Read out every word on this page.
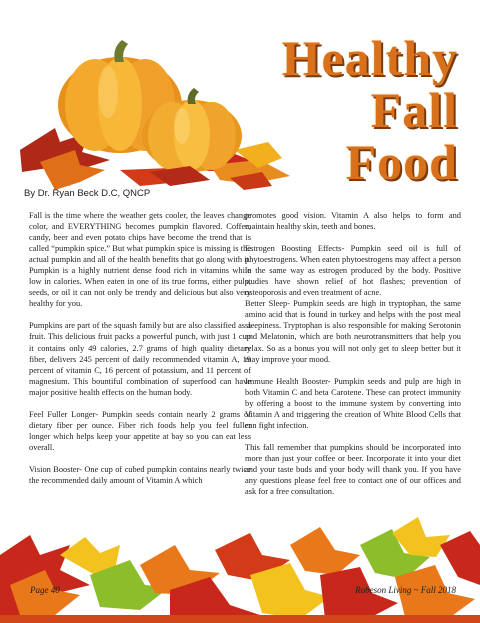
Healthy
Fall
Food
By Dr. Ryan Beck D.C, QNCP

Fall is the time where the weather gets cooler, the leaves change color, and EVERYTHING becomes pumpkin flavored. Coffee, candy, beer and even potato chips have become the trend that is called “pumpkin spice.” But what pumpkin spice is missing is the actual pumpkin and all of the health benefits that go along with it. Pumpkin is a highly nutrient dense food rich in vitamins while low in calories. When eaten in one of its true forms, either pulp, seeds, or oil it can not only be trendy and delicious but also very healthy for you.

Pumpkins are part of the squash family but are also classified as a fruit. This delicious fruit packs a powerful punch, with just 1 cup it contains only 49 calories, 2.7 grams of high quality dietary fiber, delivers 245 percent of daily recommended vitamin A, 19 percent of vitamin C, 16 percent of potassium, and 11 percent of magnesium. This bountiful combination of superfood can have major positive health effects on the human body.

Feel Fuller Longer- Pumpkin seeds contain nearly 2 grams of dietary fiber per ounce. Fiber rich foods help you feel fuller longer which helps keep your appetite at bay so you can eat less overall.

Vision Booster- One cup of cubed pumpkin contains nearly twice the recommended daily amount of Vitamin A which

promotes good vision. Vitamin A also helps to form and maintain healthy skin, teeth and bones.

Estrogen Boosting Effects- Pumpkin seed oil is full of phytoestrogens. When eaten phytoestrogens may affect a person in the same way as estrogen produced by the body. Positive studies have shown relief of hot flashes; prevention of osteoporosis and even treatment of acne.

Better Sleep- Pumpkin seeds are high in tryptophan, the same amino acid that is found in turkey and helps with the post meal sleepiness. Tryptophan is also responsible for making Serotonin and Melatonin, which are both neurotransmitters that help you relax. So as a bonus you will not only get to sleep better but it may improve your mood.

Immune Health Booster- Pumpkin seeds and pulp are high in both Vitamin C and beta Carotene. These can protect immunity by offering a boost to the immune system by converting into Vitamin A and triggering the creation of White Blood Cells that can fight infection.

This fall remember that pumpkins should be incorporated into more than just your coffee or beer. Incorporate it into your diet and your taste buds and your body will thank you. If you have any questions please feel free to contact one of our offices and ask for a free consultation.

Page 40	Robeson Living ~ Fall 2018
